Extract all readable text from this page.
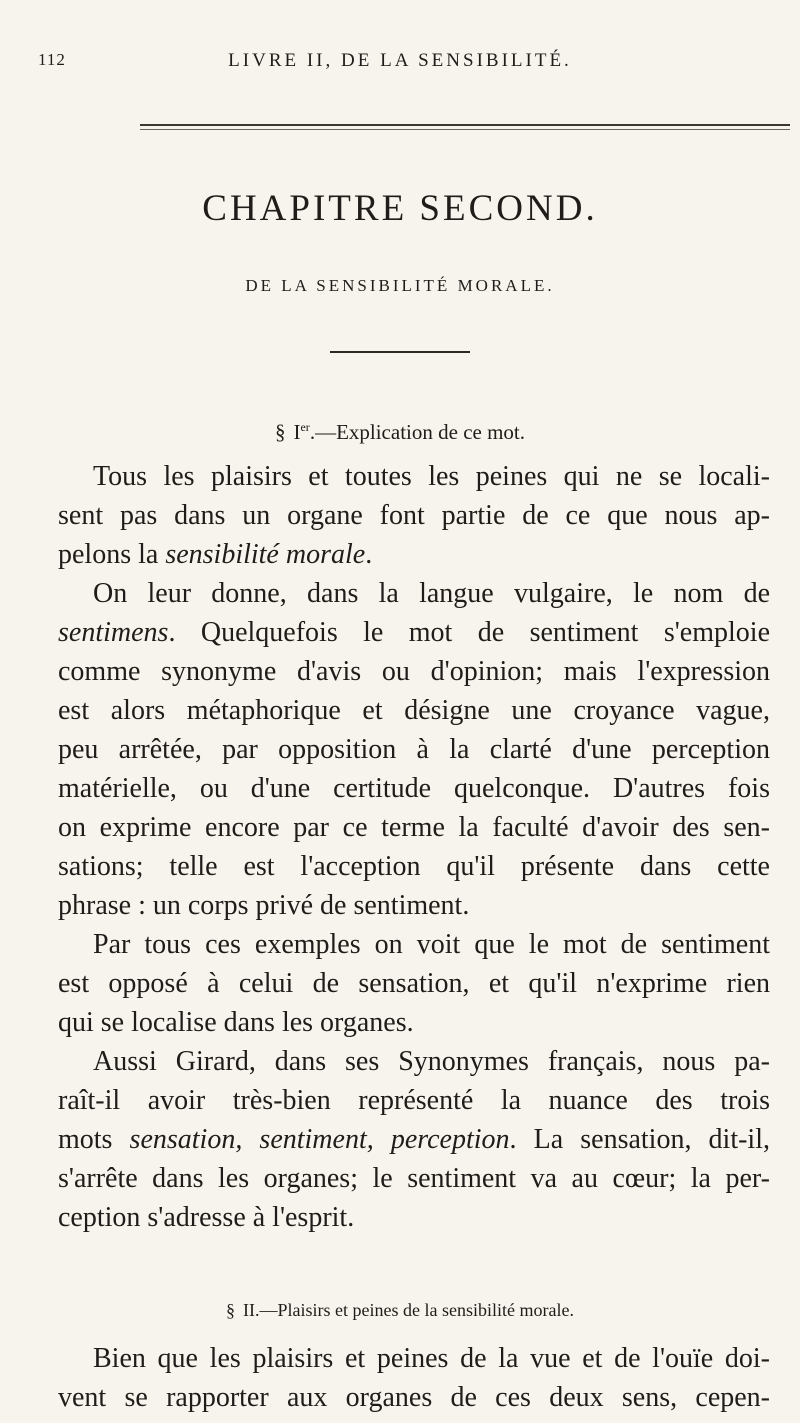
112	LIVRE II, DE LA SENSIBILITÉ.
CHAPITRE SECOND.
DE LA SENSIBILITÉ MORALE.
§ Ier.—Explication de ce mot.
Tous les plaisirs et toutes les peines qui ne se locali-
sent pas dans un organe font partie de ce que nous ap-
pelons la sensibilité morale.
On leur donne, dans la langue vulgaire, le nom de
sentimens. Quelquefois le mot de sentiment s'emploie
comme synonyme d'avis ou d'opinion; mais l'expression
est alors métaphorique et désigne une croyance vague,
peu arrêtée, par opposition à la clarté d'une perception
matérielle, ou d'une certitude quelconque. D'autres fois
on exprime encore par ce terme la faculté d'avoir des sen-
sations; telle est l'acception qu'il présente dans cette
phrase : un corps privé de sentiment.
Par tous ces exemples on voit que le mot de sentiment
est opposé à celui de sensation, et qu'il n'exprime rien
qui se localise dans les organes.
Aussi Girard, dans ses Synonymes français, nous pa-
raît-il avoir très-bien représenté la nuance des trois
mots sensation, sentiment, perception. La sensation, dit-il,
s'arrête dans les organes; le sentiment va au cœur; la per-
ception s'adresse à l'esprit.
§ II.—Plaisirs et peines de la sensibilité morale.
Bien que les plaisirs et peines de la vue et de l'ouïe doi-
vent se rapporter aux organes de ces deux sens, cepen-
